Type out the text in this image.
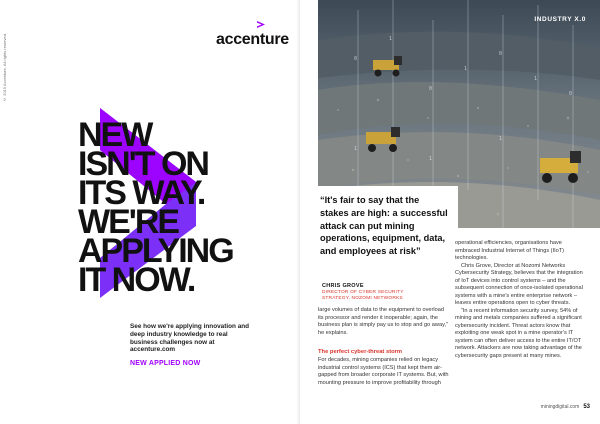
© 2019 Accenture. All rights reserved.	accenture
NEW
ISN'T ON
ITS WAY.
WE'RE
APPLYING
IT NOW.
See how we're applying innovation and deep industry knowledge to real business challenges now at
accenture.com
NEW APPLIED NOW
0
1
0
1
0
1
0
1
1
1
INDUSTRY X.0

“It's fair to say that the stakes are high: a successful attack can put mining operations, equipment, data, and employees at risk”

CHRIS GROVE
DIRECTOR OF CYBER SECURITY STRATEGY, NOZOMI NETWORKS

large volumes of data to the equipment to overload its processor and render it inoperable; again, the business plan is simply pay us to stop and go away," he explains.

The perfect cyber-threat storm

For decades, mining companies relied on legacy industrial control systems (ICS) that kept them air-gapped from broader corporate IT systems. But, with mounting pressure to improve profitability through

operational efficiencies, organisations have embraced Industrial Internet of Things (IIoT) technologies.

Chris Grove, Director at Nozomi Networks Cybersecurity Strategy, believes that the integration of IoT devices into control systems – and the subsequent connection of once-isolated operational systems with a mine's entire enterprise network – leaves entire operations open to cyber threats.

“In a recent information security survey, 54% of mining and metals companies suffered a significant cybersecurity incident. Threat actors know that exploiting one weak spot in a mine operator's IT system can often deliver access to the entire IT/OT network. Attackers are now taking advantage of the cybersecurity gaps present at many mines.

miningdigital.com 53
